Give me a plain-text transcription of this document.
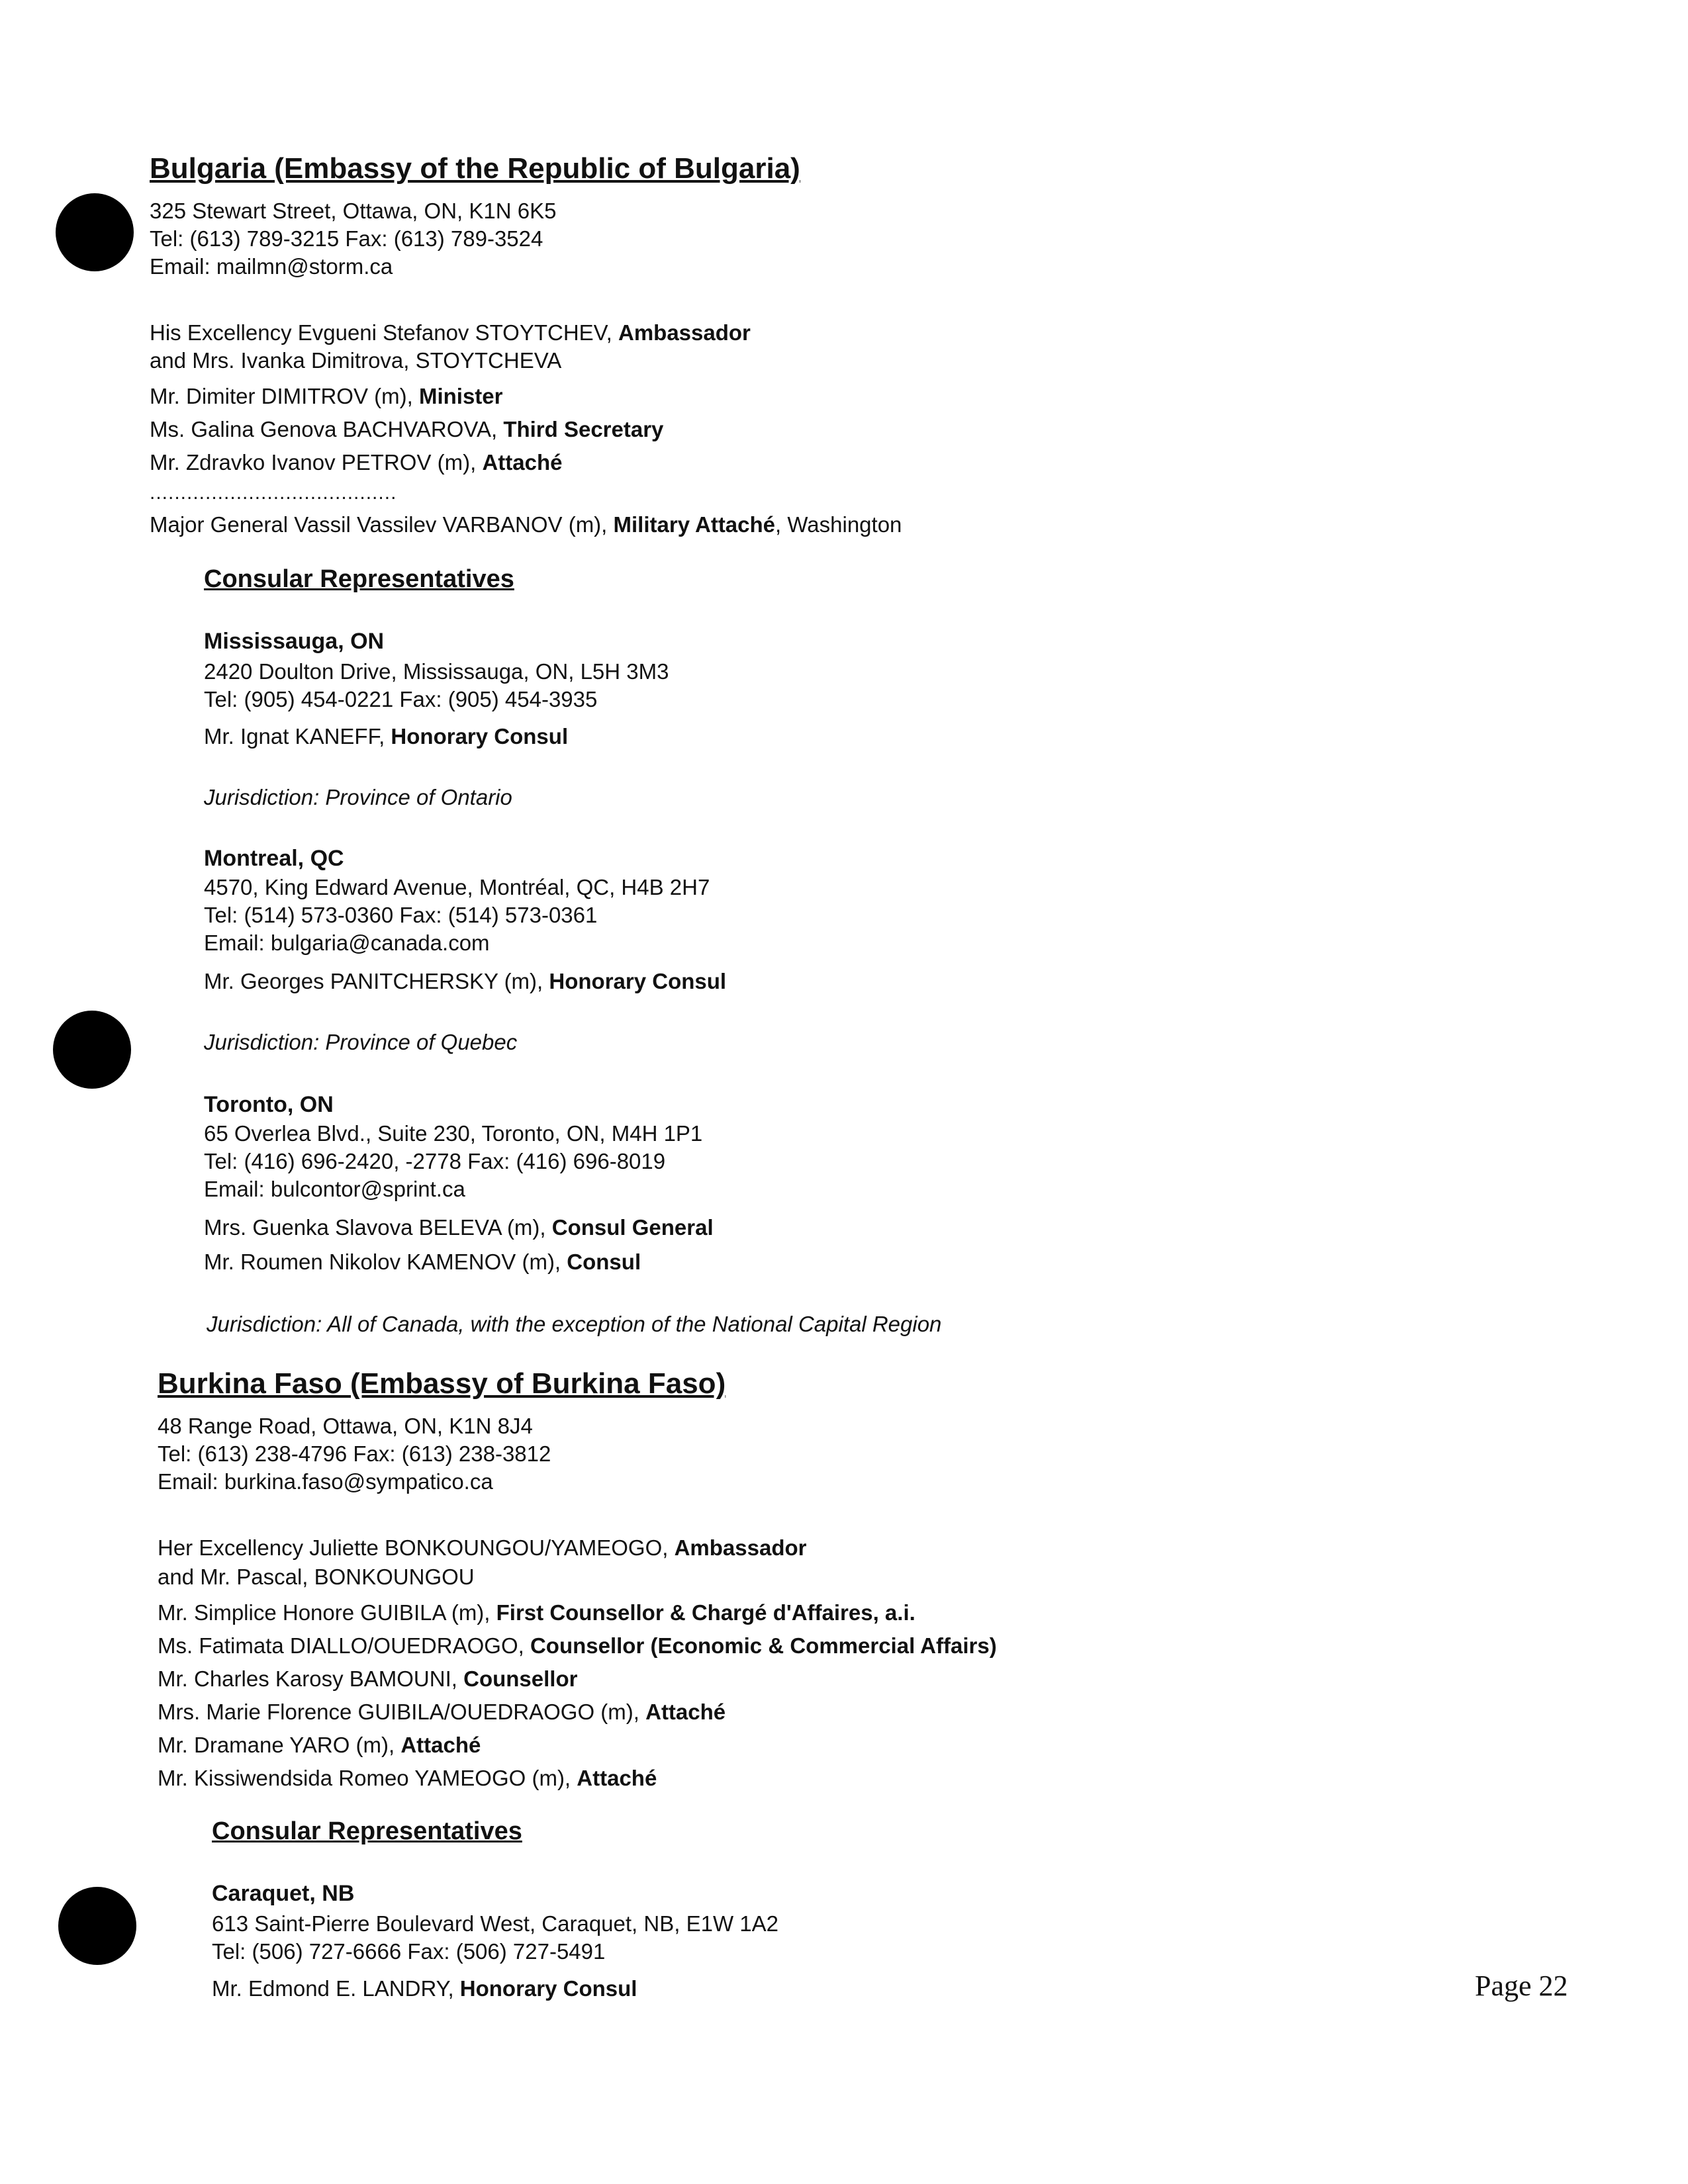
Bulgaria (Embassy of the Republic of Bulgaria)
325 Stewart Street, Ottawa, ON, K1N 6K5
Tel: (613) 789-3215 Fax: (613) 789-3524
Email: mailmn@storm.ca
His Excellency Evgueni Stefanov STOYTCHEV, Ambassador
and Mrs. Ivanka Dimitrova, STOYTCHEVA
Mr. Dimiter DIMITROV (m), Minister
Ms. Galina Genova BACHVAROVA, Third Secretary
Mr. Zdravko Ivanov PETROV (m), Attaché
........................................
Major General Vassil Vassilev VARBANOV (m), Military Attaché, Washington
Consular Representatives
Mississauga, ON
2420 Doulton Drive, Mississauga, ON, L5H 3M3
Tel: (905) 454-0221 Fax: (905) 454-3935
Mr. Ignat KANEFF, Honorary Consul
Jurisdiction: Province of Ontario
Montreal, QC
4570, King Edward Avenue, Montréal, QC, H4B 2H7
Tel: (514) 573-0360 Fax: (514) 573-0361
Email: bulgaria@canada.com
Mr. Georges PANITCHERSKY (m), Honorary Consul
Jurisdiction: Province of Quebec
Toronto, ON
65 Overlea Blvd., Suite 230, Toronto, ON, M4H 1P1
Tel: (416) 696-2420, -2778 Fax: (416) 696-8019
Email: bulcontor@sprint.ca
Mrs. Guenka Slavova BELEVA (m), Consul General
Mr. Roumen Nikolov KAMENOV (m), Consul
Jurisdiction: All of Canada, with the exception of the National Capital Region
Burkina Faso (Embassy of Burkina Faso)
48 Range Road, Ottawa, ON, K1N 8J4
Tel: (613) 238-4796 Fax: (613) 238-3812
Email: burkina.faso@sympatico.ca
Her Excellency Juliette BONKOUNGOU/YAMEOGO, Ambassador
and Mr. Pascal, BONKOUNGOU
Mr. Simplice Honore GUIBILA (m), First Counsellor & Chargé d'Affaires, a.i.
Ms. Fatimata DIALLO/OUEDRAOGO, Counsellor (Economic & Commercial Affairs)
Mr. Charles Karosy BAMOUNI, Counsellor
Mrs. Marie Florence GUIBILA/OUEDRAOGO (m), Attaché
Mr. Dramane YARO (m), Attaché
Mr. Kissiwendsida Romeo YAMEOGO (m), Attaché
Consular Representatives
Caraquet, NB
613 Saint-Pierre Boulevard West, Caraquet, NB, E1W 1A2
Tel: (506) 727-6666 Fax: (506) 727-5491
Mr. Edmond E. LANDRY, Honorary Consul	Page 22
